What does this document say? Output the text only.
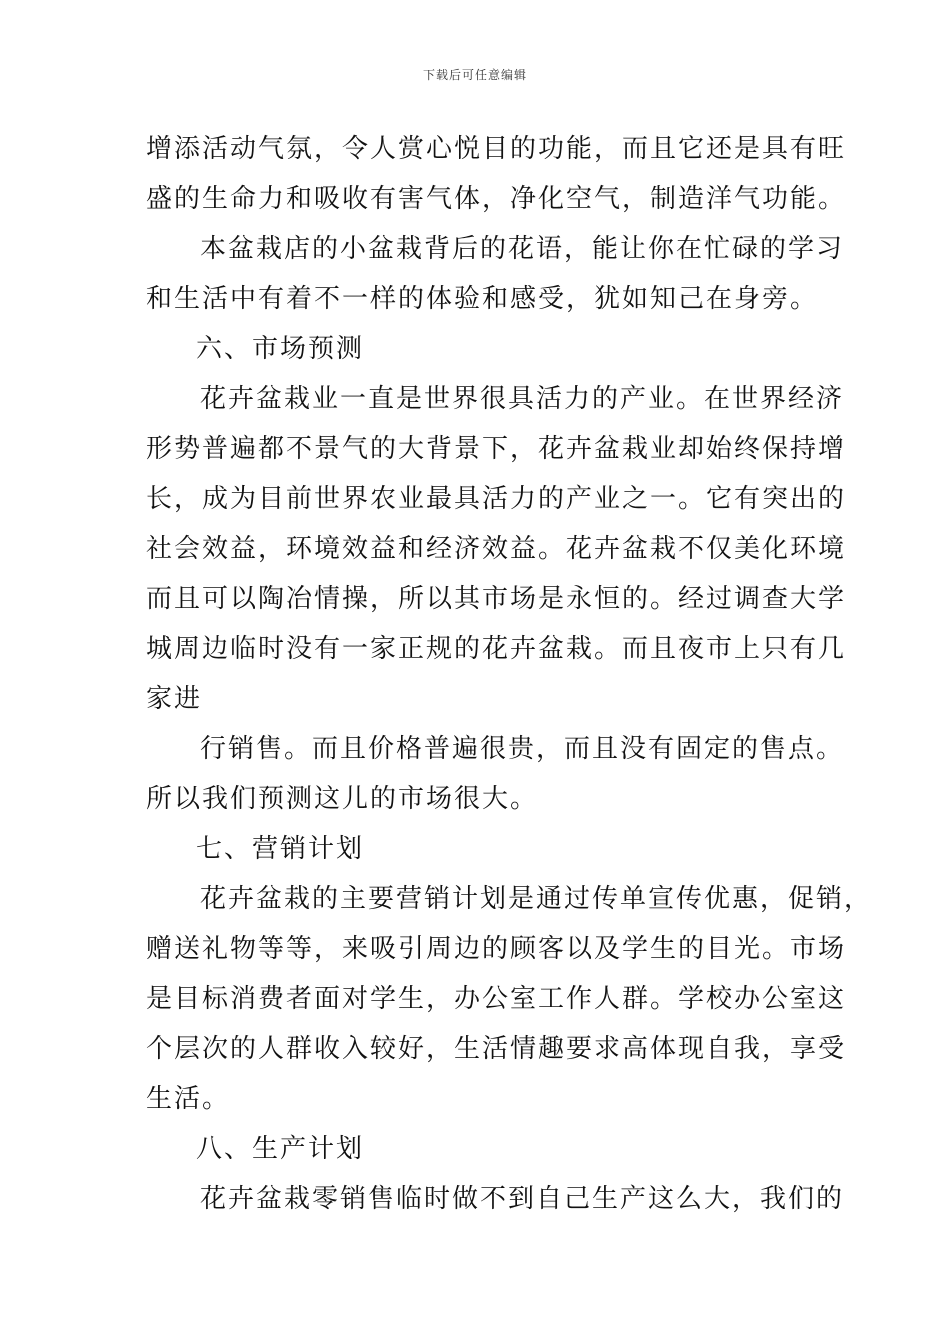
下载后可任意编辑
增添活动气氛，令人赏心悦目的功能，而且它还是具有旺
盛的生命力和吸收有害气体，净化空气，制造洋气功能。
本盆栽店的小盆栽背后的花语，能让你在忙碌的学习
和生活中有着不一样的体验和感受，犹如知己在身旁。
六、市场预测
花卉盆栽业一直是世界很具活力的产业。在世界经济
形势普遍都不景气的大背景下，花卉盆栽业却始终保持增
长，成为目前世界农业最具活力的产业之一。它有突出的
社会效益，环境效益和经济效益。花卉盆栽不仅美化环境
而且可以陶冶情操，所以其市场是永恒的。经过调查大学
城周边临时没有一家正规的花卉盆栽。而且夜市上只有几
家进
行销售。而且价格普遍很贵，而且没有固定的售点。
所以我们预测这儿的市场很大。
七、营销计划
花卉盆栽的主要营销计划是通过传单宣传优惠，促销，
赠送礼物等等，来吸引周边的顾客以及学生的目光。市场
是目标消费者面对学生，办公室工作人群。学校办公室这
个层次的人群收入较好，生活情趣要求高体现自我，享受
生活。
八、生产计划
花卉盆栽零销售临时做不到自己生产这么大，我们的
